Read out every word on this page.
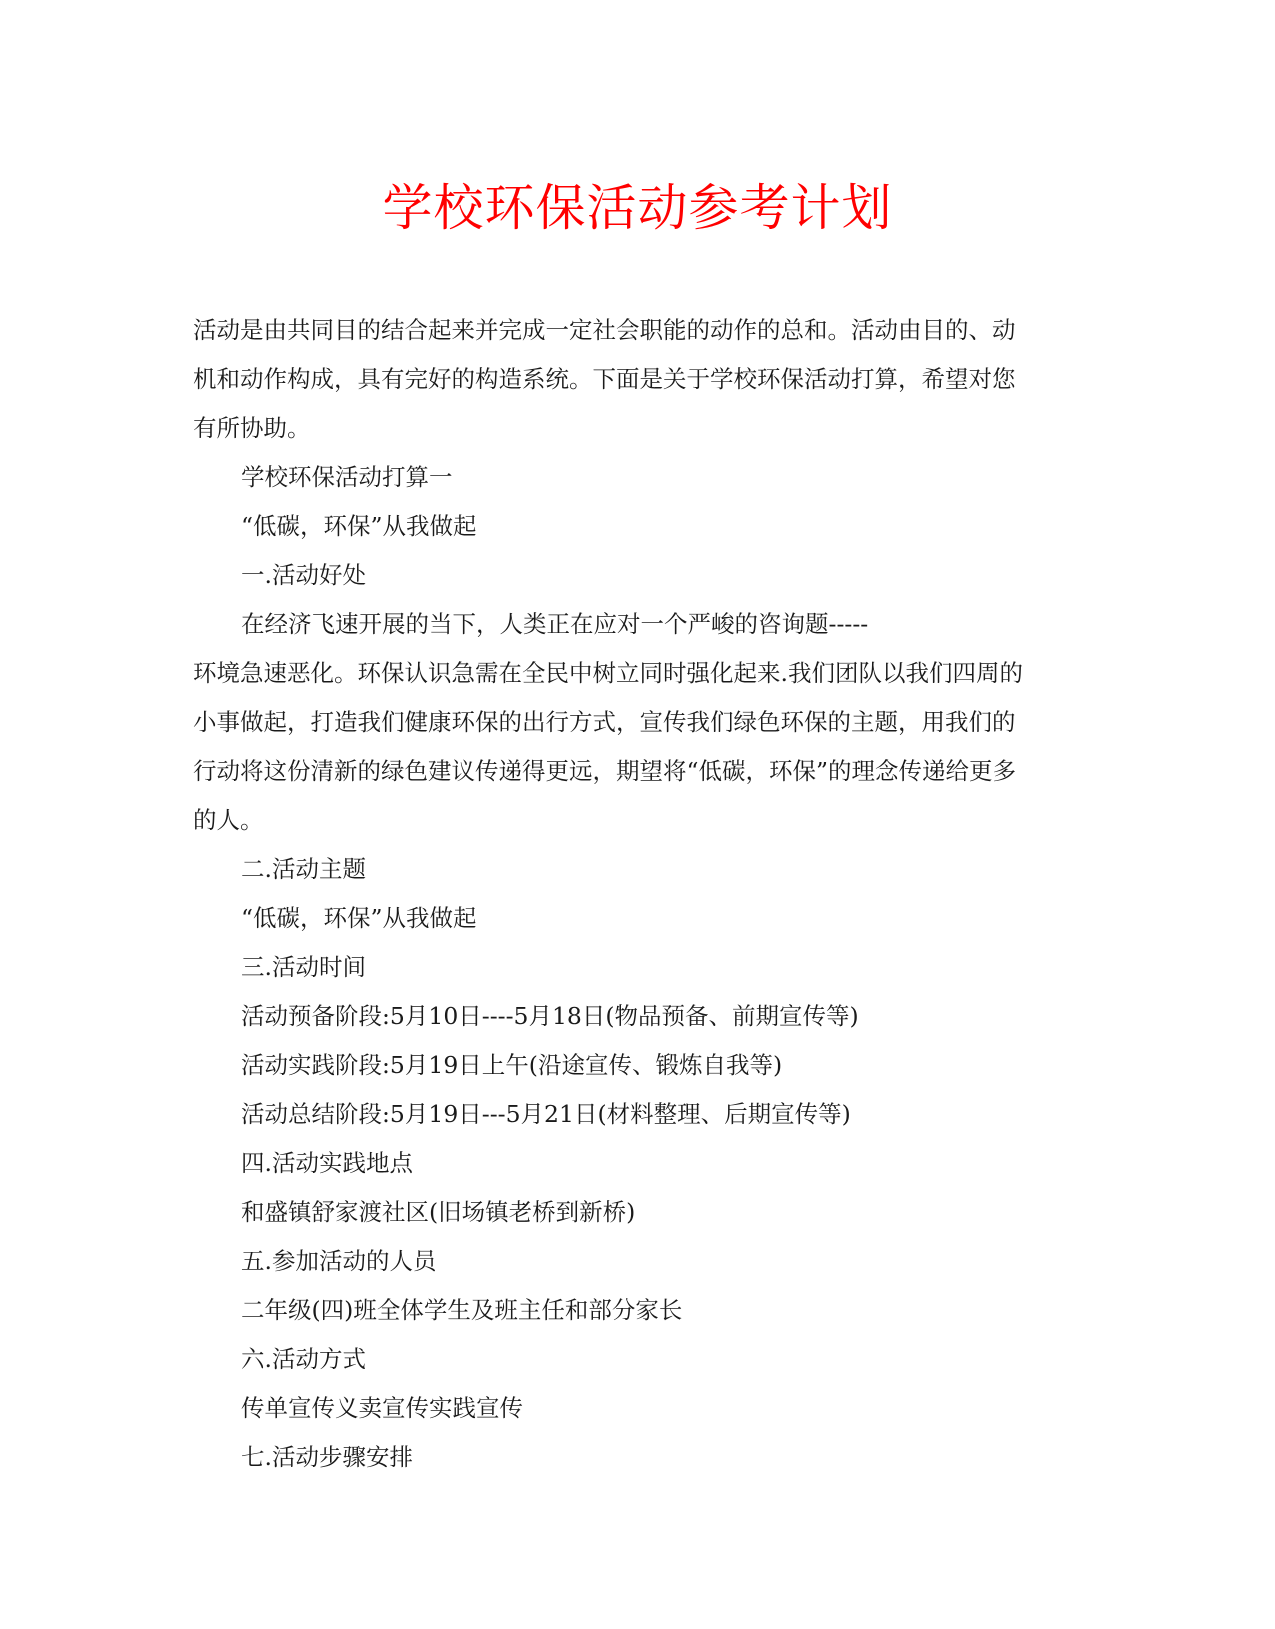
学校环保活动参考计划

活动是由共同目的结合起来并完成一定社会职能的动作的总和。活动由目的、动

机和动作构成，具有完好的构造系统。下面是关于学校环保活动打算，希望对您

有所协助。

学校环保活动打算一

“低碳，环保”从我做起

一.活动好处

在经济飞速开展的当下，人类正在应对一个严峻的咨询题-----

环境急速恶化。环保认识急需在全民中树立同时强化起来.我们团队以我们四周的

小事做起，打造我们健康环保的出行方式，宣传我们绿色环保的主题，用我们的

行动将这份清新的绿色建议传递得更远，期望将“低碳，环保”的理念传递给更多

的人。

二.活动主题

“低碳，环保”从我做起

三.活动时间

活动预备阶段:5月10日----5月18日(物品预备、前期宣传等)

活动实践阶段:5月19日上午(沿途宣传、锻炼自我等)

活动总结阶段:5月19日---5月21日(材料整理、后期宣传等)

四.活动实践地点

和盛镇舒家渡社区(旧场镇老桥到新桥)

五.参加活动的人员

二年级(四)班全体学生及班主任和部分家长

六.活动方式

传单宣传义卖宣传实践宣传

七.活动步骤安排
